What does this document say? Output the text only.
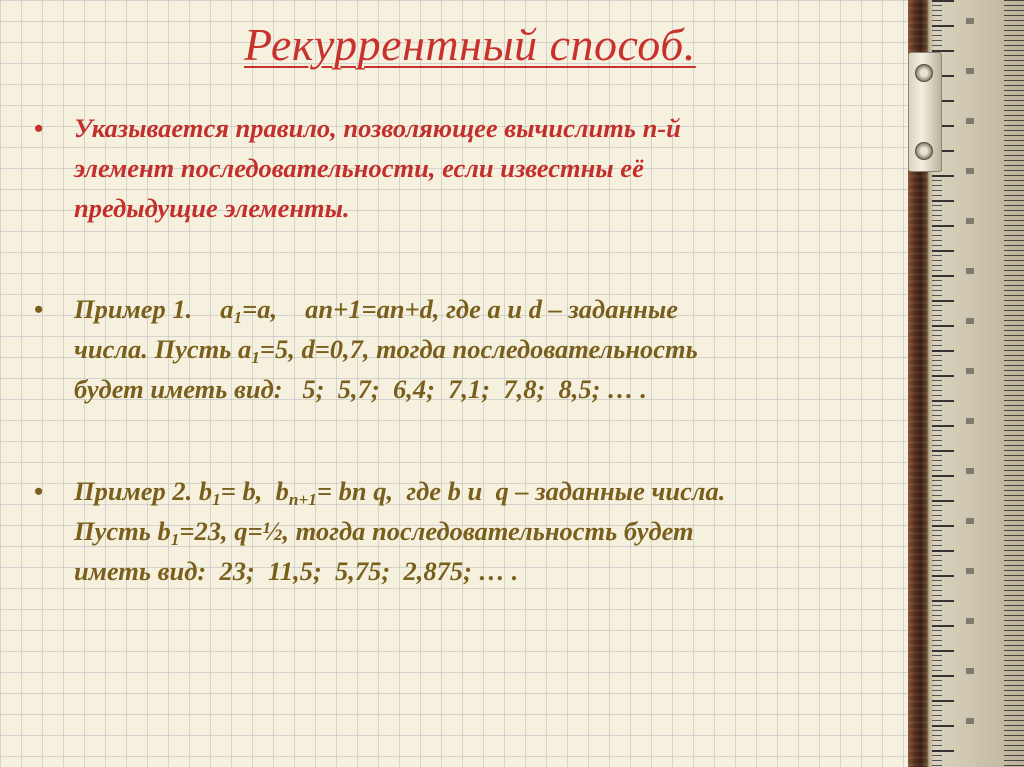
Рекуррентный способ.
•	Указывается правило, позволяющее вычислить n-й
элемент последовательности, если известны её
предыдущие элементы.
•	Пример 1. $a_1=a$, an+1=an+d, где a и d – заданные
числа. Пусть $a_1=5$, d=0,7, тогда последовательность
будет иметь вид:   5;  5,7;  6,4;  7,1;  7,8;  8,5; … .
•	Пример 2. $b_1= b$,  $b_{n+1}=$ bn q,  где b и  q – заданные числа.
Пусть $b_1=23$, q=½, тогда последовательность будет
иметь вид:  23;  11,5;  5,75;  2,875; … .
